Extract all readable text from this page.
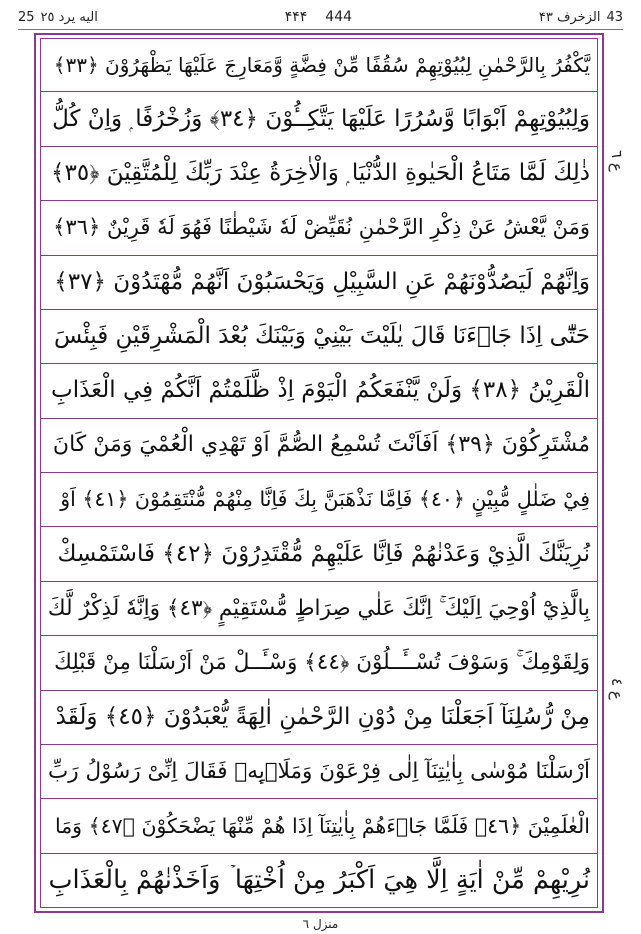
25 اليه يرد ٢٥	۴۴۴ 444	الزخرف ۴۳ 43
يَّكْفُرُ بِالرَّحْمٰنِ لِبُيُوْتِهِمْ سُقُفًا مِّنْ فِضَّةٍ وَّمَعَارِجَ عَلَيْهَا يَظْهَرُوْنَ ﴿٣٣﴾
وَلِبُيُوْتِهِمْ اَبْوَابًا وَّسُرُرًا عَلَيْهَا يَتَّكِــُٔوْنَ ﴿٣٤﴾ وَزُخْرُفًا ۭ وَاِنْ كُلُّ
ذٰلِكَ لَمَّا مَتَاعُ الْحَيٰوةِ الدُّنْيَا ۭ وَالْاٰخِرَةُ عِنْدَ رَبِّكَ لِلْمُتَّقِيْنَ ﴿٣٥﴾
وَمَنْ يَّعْشُ عَنْ ذِكْرِ الرَّحْمٰنِ نُقَيِّضْ لَهٗ شَيْطٰنًا فَهُوَ لَهٗ قَرِيْنٌ ﴿٣٦﴾
وَاِنَّهُمْ لَيَصُدُّوْنَهُمْ عَنِ السَّبِيْلِ وَيَحْسَبُوْنَ اَنَّهُمْ مُّهْتَدُوْنَ ﴿٣٧﴾
حَتّٰٓى اِذَا جَاۗءَنَا قَالَ يٰلَيْتَ بَيْنِيْ وَبَيْنَكَ بُعْدَ الْمَشْرِقَيْنِ فَبِئْسَ
الْقَرِيْنُ ﴿٣٨﴾ وَلَنْ يَّنْفَعَكُمُ الْيَوْمَ اِذْ ظَّلَمْتُمْ اَنَّكُمْ فِي الْعَذَابِ
مُشْتَرِكُوْنَ ﴿٣٩﴾ اَفَاَنْتَ تُسْمِعُ الصُّمَّ اَوْ تَهْدِي الْعُمْيَ وَمَنْ كَانَ
فِيْ ضَلٰلٍ مُّبِيْنٍ ﴿٤٠﴾ فَاِمَّا نَذْهَبَنَّ بِكَ فَاِنَّا مِنْهُمْ مُّنْتَقِمُوْنَ ﴿٤١﴾ اَوْ
نُرِيَنَّكَ الَّذِيْ وَعَدْنٰهُمْ فَاِنَّا عَلَيْهِمْ مُّقْتَدِرُوْنَ ﴿٤٢﴾ فَاسْتَمْسِكْ
بِالَّذِيْٓ اُوْحِيَ اِلَيْكَ ۚ اِنَّكَ عَلٰي صِرَاطٍ مُّسْتَقِيْمٍ ﴿٤٣﴾ وَاِنَّهٗ لَذِكْرٌ لَّكَ
وَلِقَوْمِكَ ۚ وَسَوْفَ تُسْــَٔــلُوْنَ ﴿٤٤﴾ وَسْـَٔــلْ مَنْ اَرْسَلْنَا مِنْ قَبْلِكَ
مِنْ رُّسُلِنَآ اَجَعَلْنَا مِنْ دُوْنِ الرَّحْمٰنِ اٰلِهَةً يُّعْبَدُوْنَ ﴿٤٥﴾ وَلَقَدْ
اَرْسَلْنَا مُوْسٰى بِاٰيٰتِنَآ اِلٰى فِرْعَوْنَ وَمَلَا۟ىِٕهٖ فَقَالَ اِنِّىْ رَسُوْلُ رَبِّ
الْعٰلَمِيْنَ ﴿٤٦﴾ فَلَمَّا جَاۗءَهُمْ بِاٰيٰتِنَآ اِذَا هُمْ مِّنْهَا يَضْحَكُوْنَ ﴿٤٧﴾ وَمَا
نُرِيْهِمْ مِّنْ اٰيَةٍ اِلَّا هِيَ اَكْبَرُ مِنْ اُخْتِهَا ۡ وَاَخَذْنٰهُمْ بِالْعَذَابِ
ع ٦
ع ٤
منزل ٦
